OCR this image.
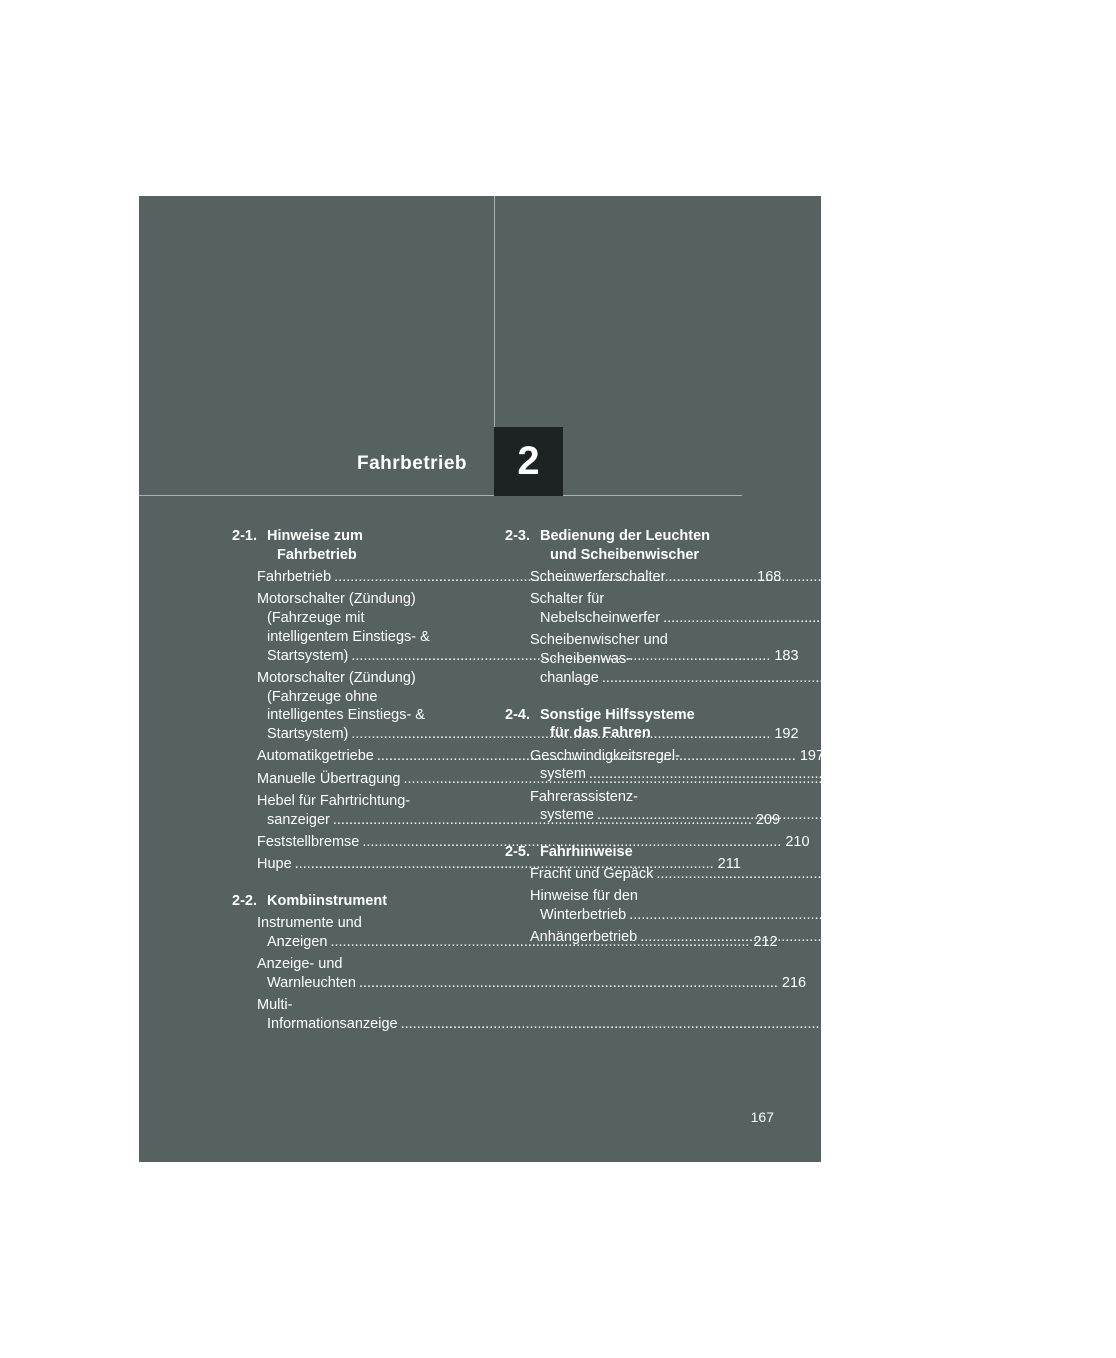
Fahrbetrieb 2
2-1. Hinweise zum
Fahrbetrieb
Fahrbetrieb .....	168
Motorschalter (Zündung)
(Fahrzeuge mit
intelligentem Einstiegs- &
Startsystem) .....	183
Motorschalter (Zündung)
(Fahrzeuge ohne
intelligentes Einstiegs- &
Startsystem) .....	192
Automatikgetriebe .....	197
Manuelle Übertragung .....	205
Hebel für Fahrtrichtung-
sanzeiger .....	209
Feststellbremse .....	210
Hupe .....	211
2-2. Kombiinstrument
Instrumente und
Anzeigen .....	212
Anzeige- und
Warnleuchten .....	216
Multi-
Informationsanzeige .....	221
2-3. Bedienung der Leuchten
und Scheibenwischer
Scheinwerferschalter .....	226
Schalter für
Nebelscheinwerfer .....	233
Scheibenwischer und
Scheibenwas-
chanlage .....	235
2-4. Sonstige Hilfssysteme
für das Fahren
Geschwindigkeitsregel-
system .....	238
Fahrerassistenz-
systeme .....	243
2-5. Fahrhinweise
Fracht und Gepäck .....	251
Hinweise für den
Winterbetrieb .....	253
Anhängerbetrieb .....	258
167
